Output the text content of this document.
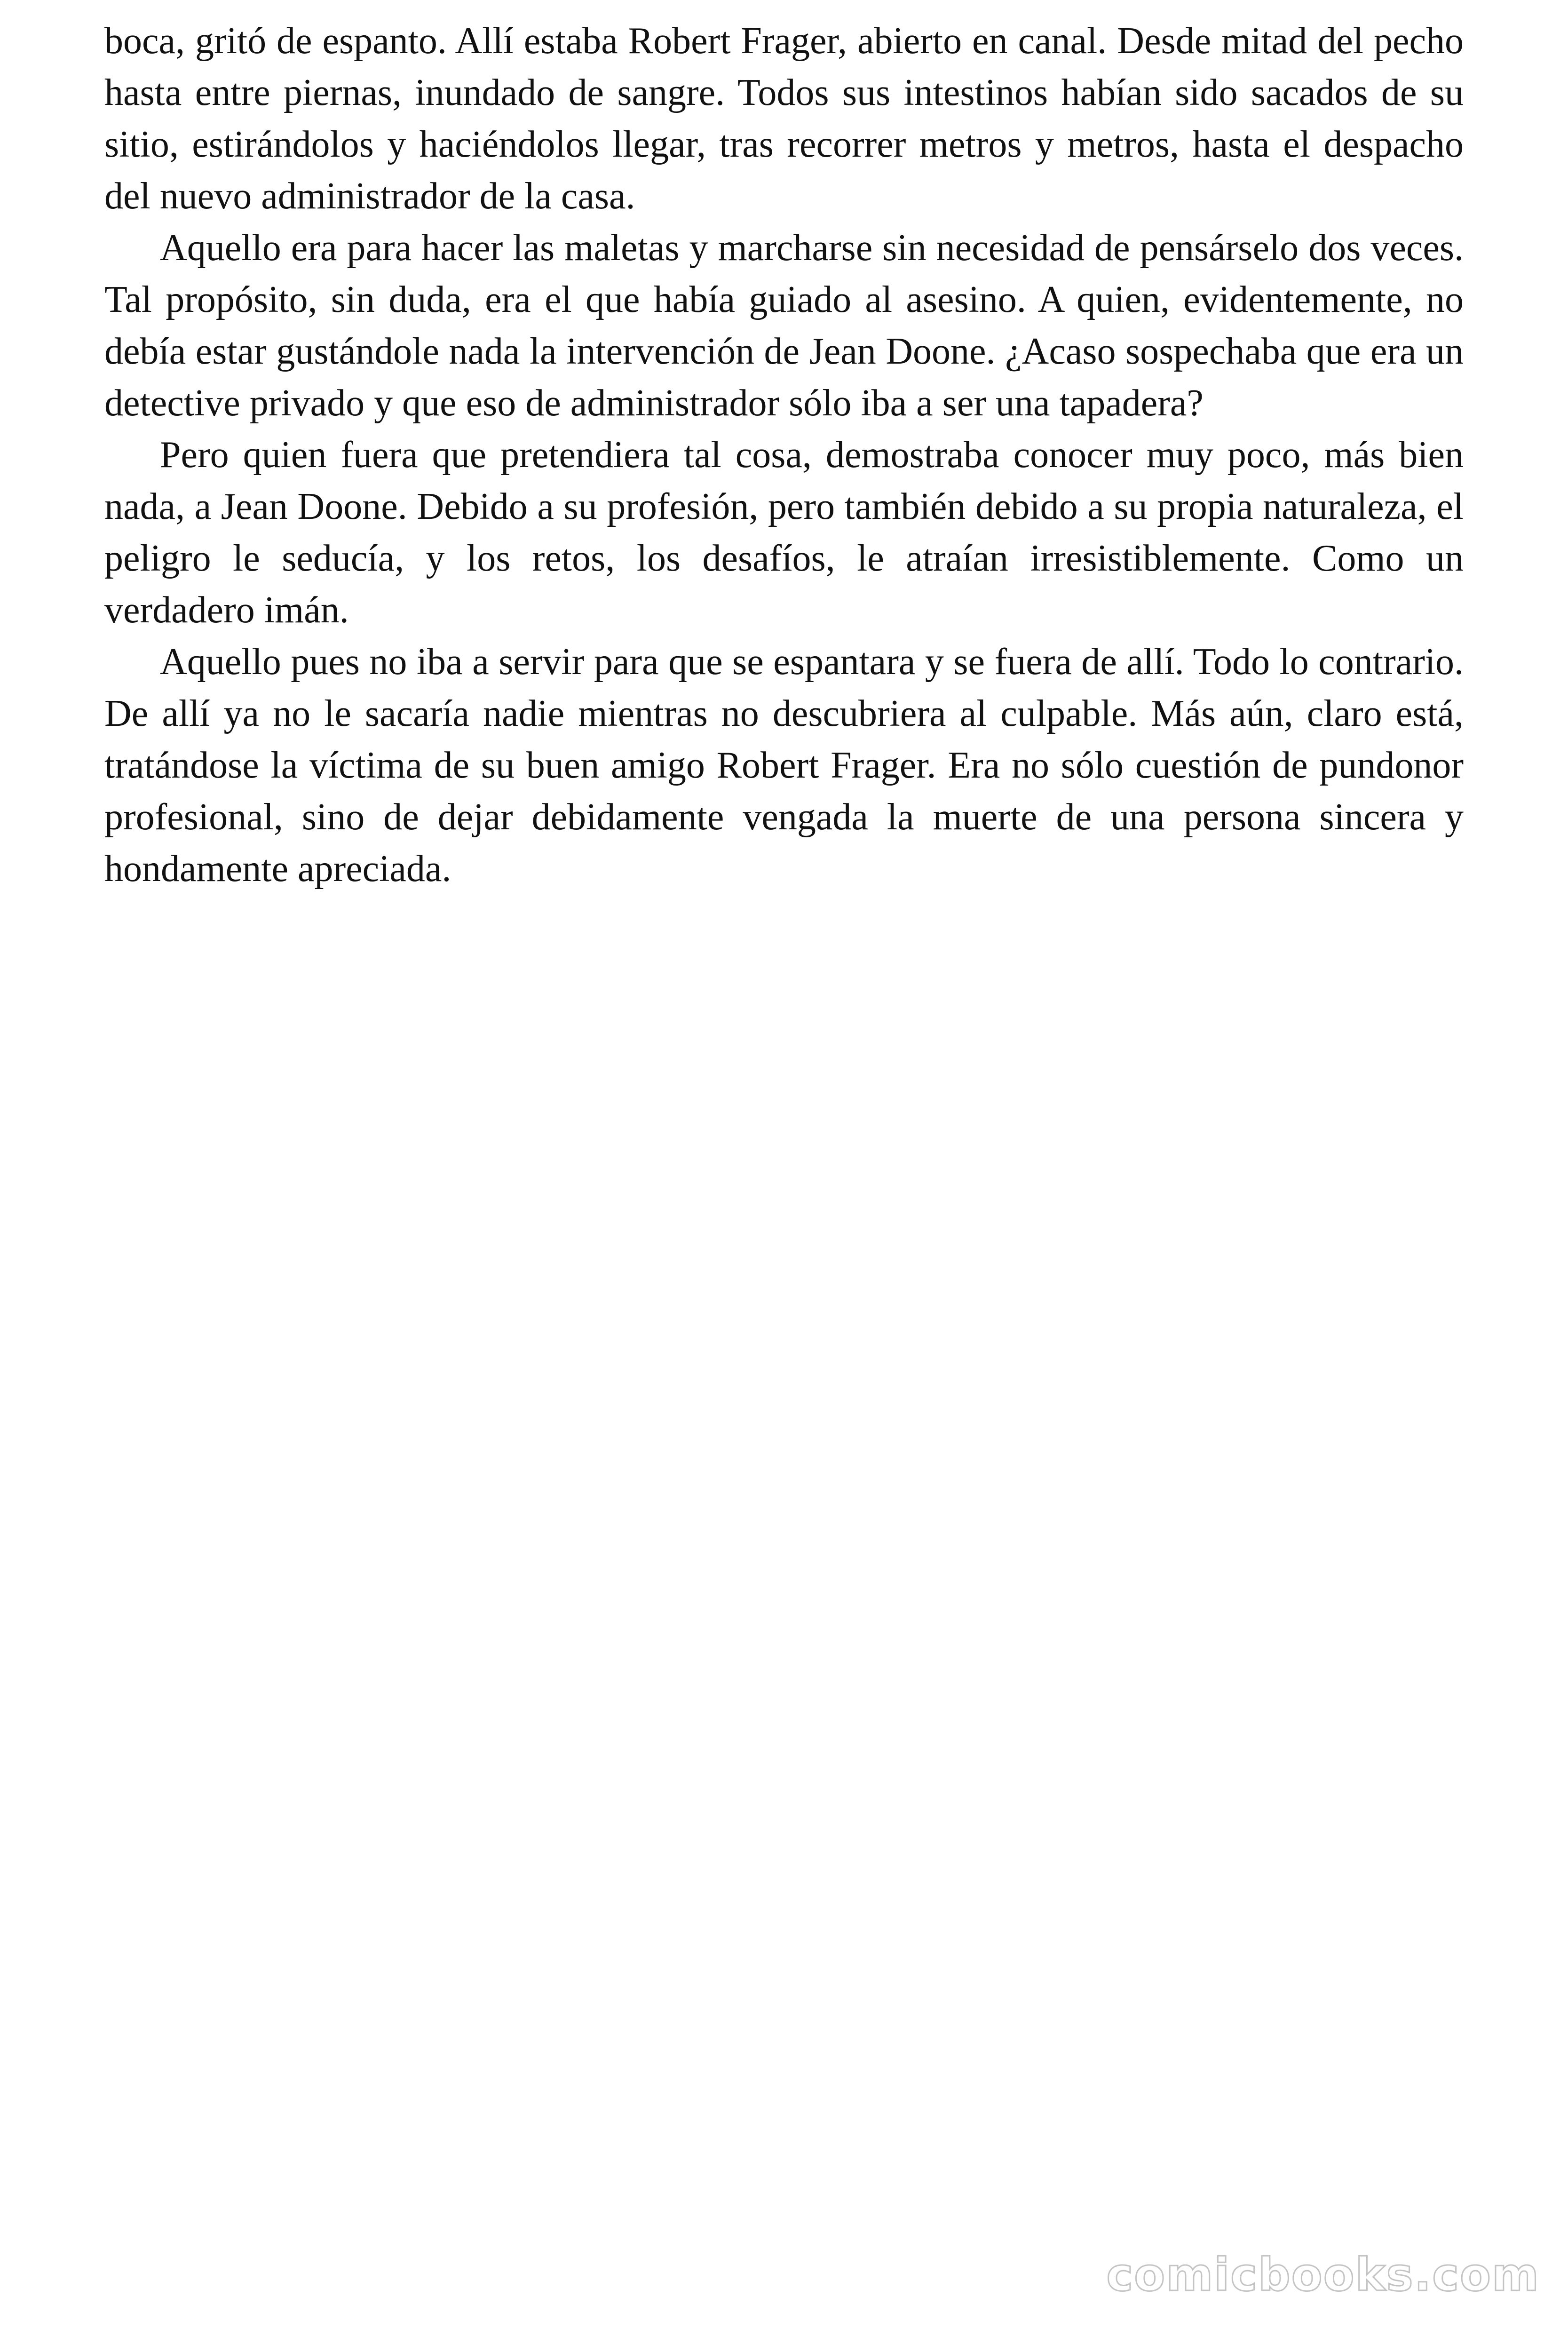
boca, gritó de espanto. Allí estaba Robert Frager, abierto en canal. Desde mitad del pecho hasta entre piernas, inundado de sangre. Todos sus intestinos habían sido sacados de su sitio, estirándolos y haciéndolos llegar, tras recorrer metros y metros, hasta el despacho del nuevo administrador de la casa.

Aquello era para hacer las maletas y marcharse sin necesidad de pensárselo dos veces. Tal propósito, sin duda, era el que había guiado al asesino. A quien, evidentemente, no debía estar gustándole nada la intervención de Jean Doone. ¿Acaso sospechaba que era un detective privado y que eso de administrador sólo iba a ser una tapadera?

Pero quien fuera que pretendiera tal cosa, demostraba conocer muy poco, más bien nada, a Jean Doone. Debido a su profesión, pero también debido a su propia naturaleza, el peligro le seducía, y los retos, los desafíos, le atraían irresistiblemente. Como un verdadero imán.

Aquello pues no iba a servir para que se espantara y se fuera de allí. Todo lo contrario. De allí ya no le sacaría nadie mientras no descubriera al culpable. Más aún, claro está, tratándose la víctima de su buen amigo Robert Frager. Era no sólo cuestión de pundonor profesional, sino de dejar debidamente vengada la muerte de una persona sincera y hondamente apreciada.

comicbooks.com
